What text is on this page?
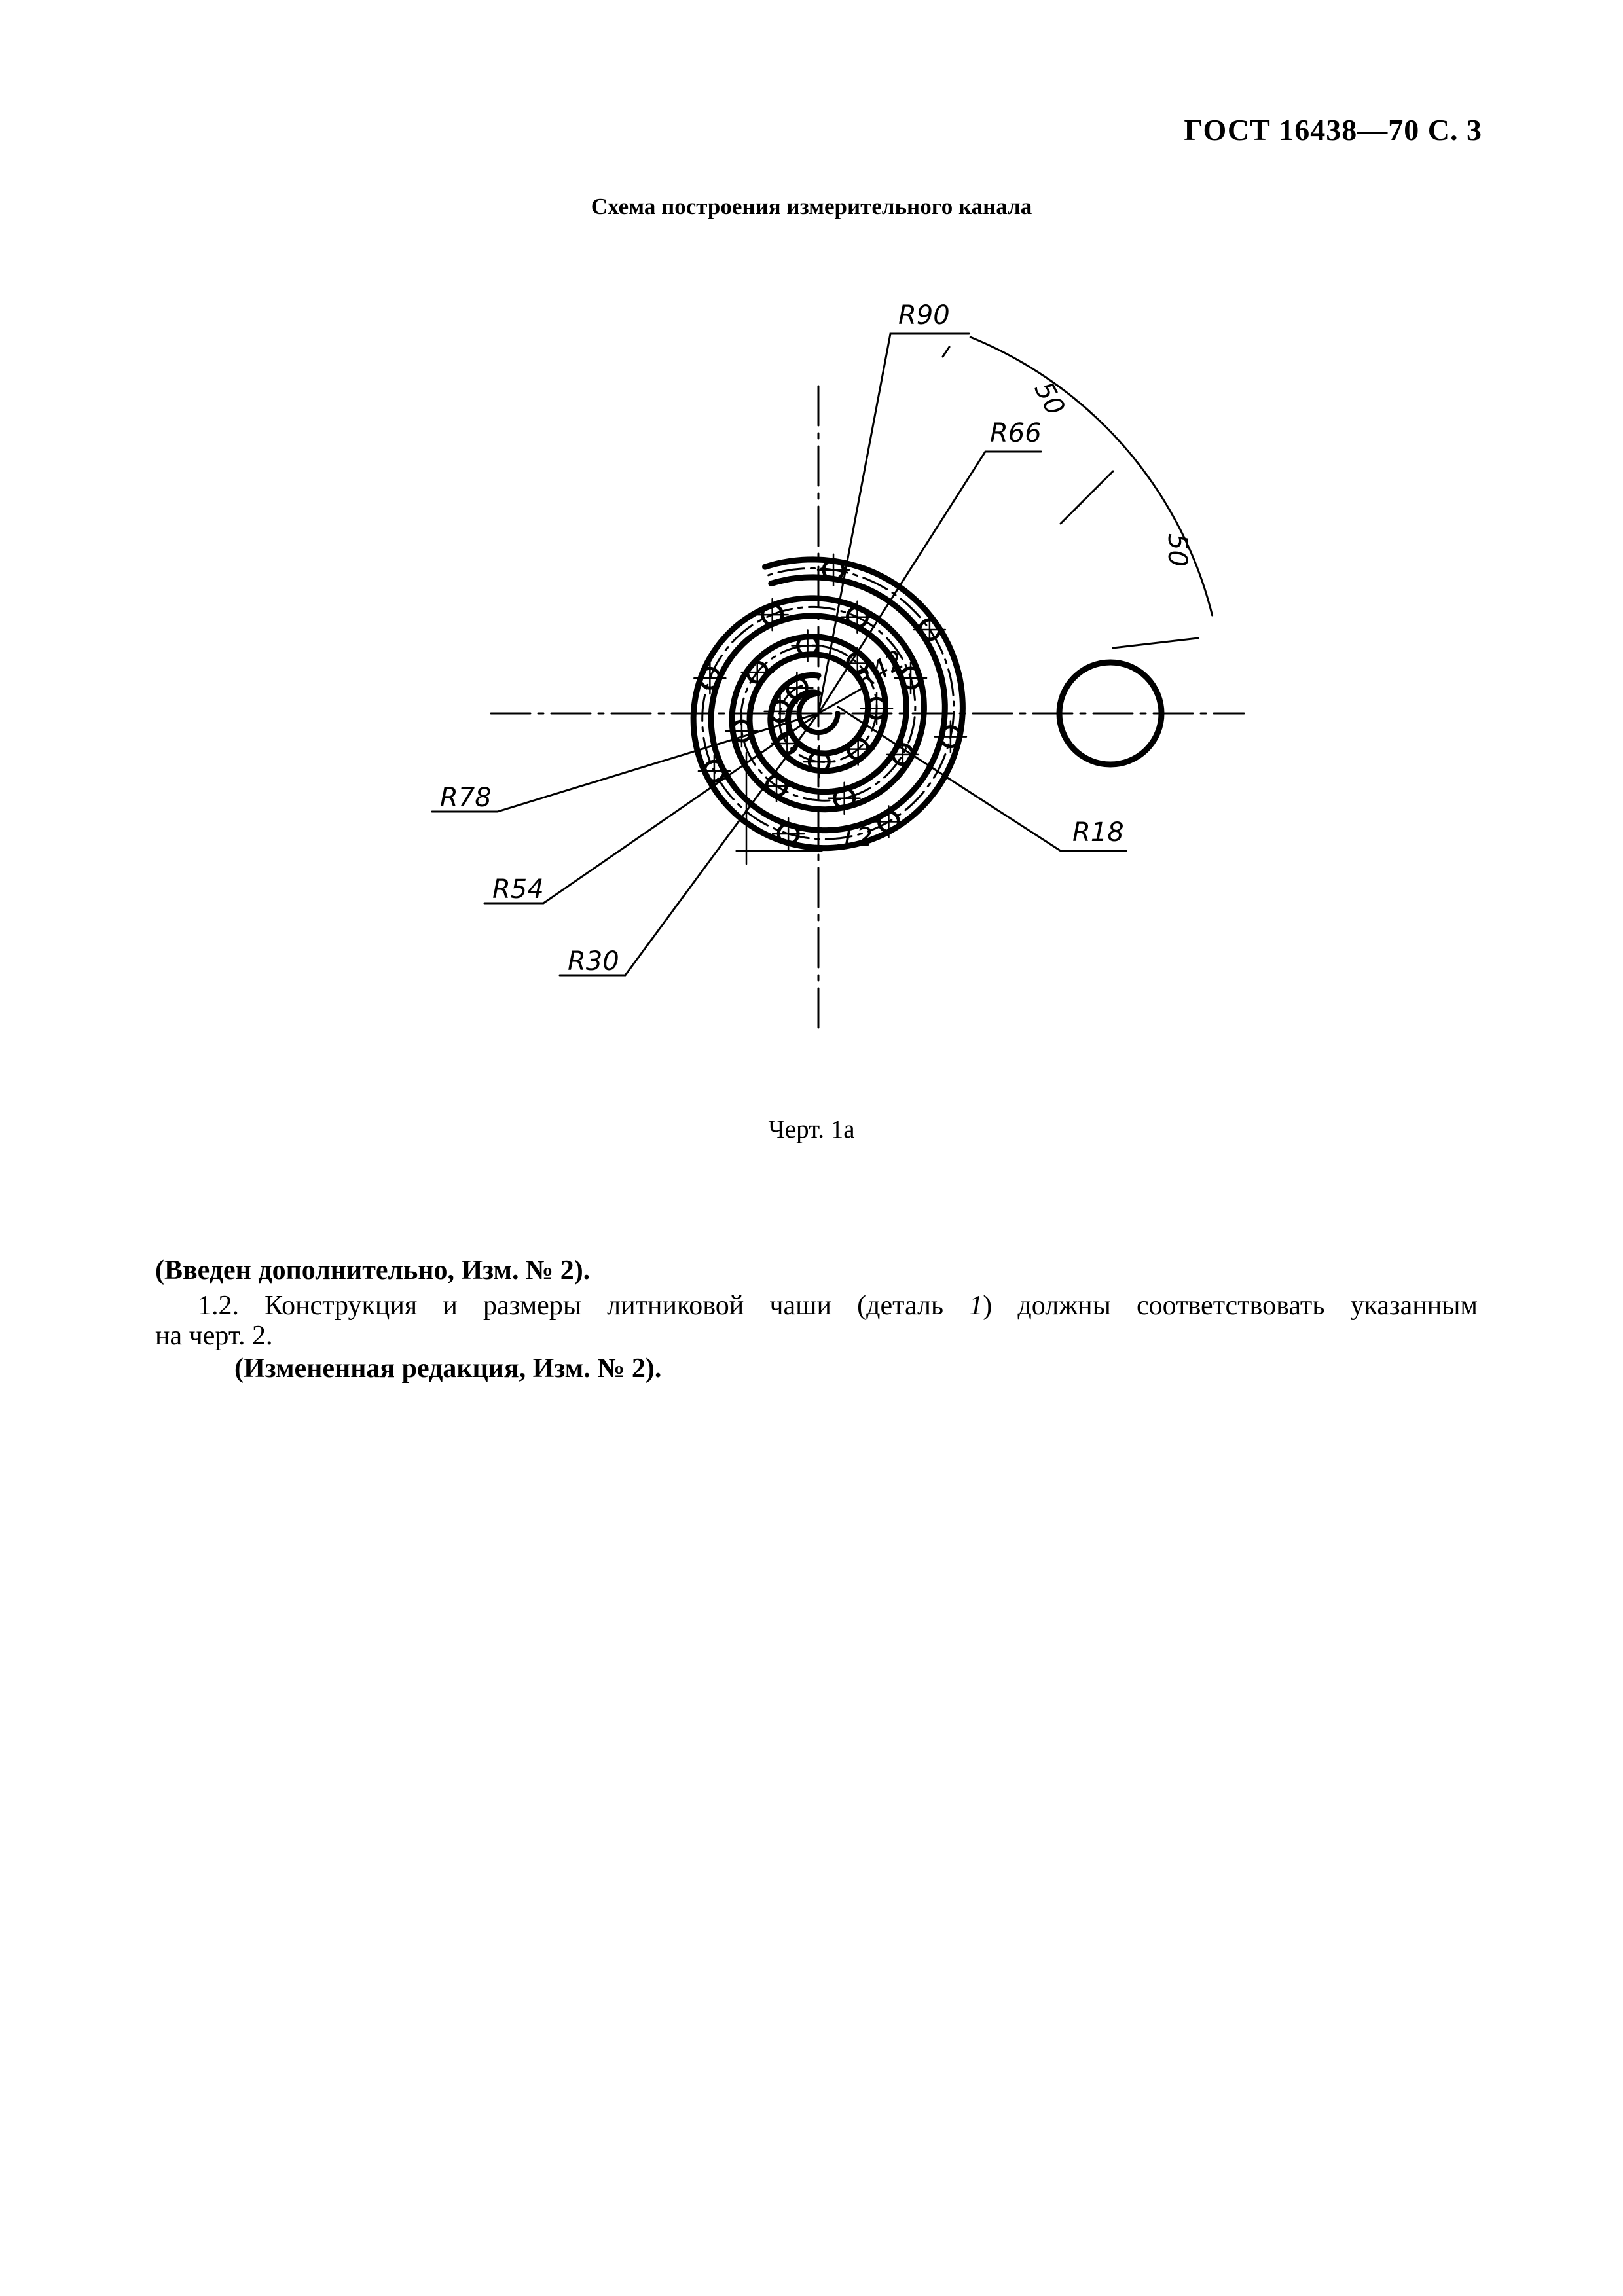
ГОСТ 16438—70 С. 3
Схема построения измерительного канала
R90
R66
R42
R18
R78
R54
R30
12
50
50
Черт. 1а
(Введен дополнительно, Изм. № 2).
1.2. Конструкция и размеры литниковой чаши (деталь 1) должны соответствовать указанным
на черт. 2.
(Измененная редакция, Изм. № 2).
